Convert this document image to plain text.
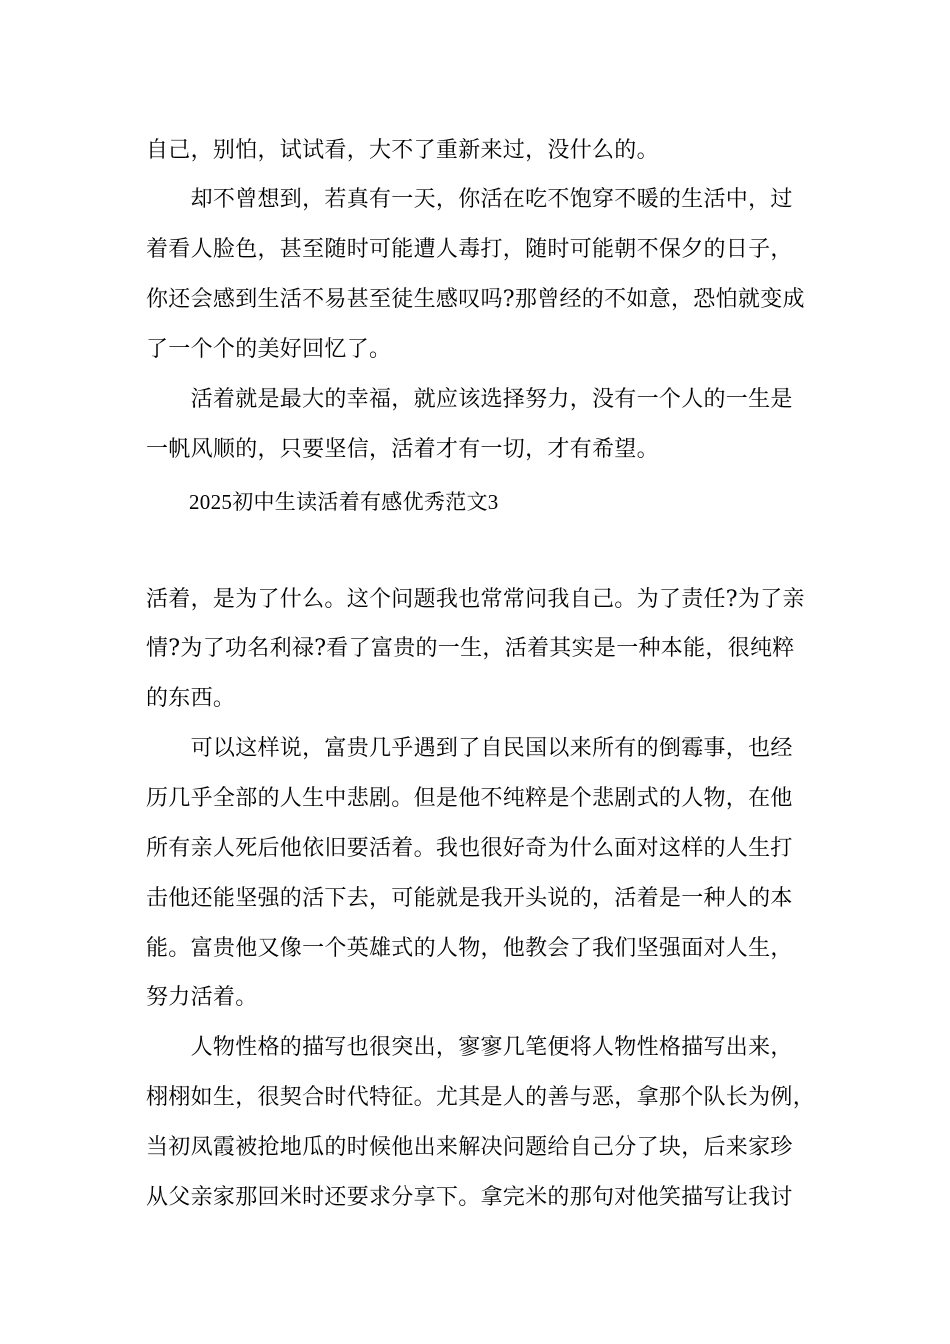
自己，别怕，试试看，大不了重新来过，没什么的。
　　却不曾想到，若真有一天，你活在吃不饱穿不暖的生活中，过
着看人脸色，甚至随时可能遭人毒打，随时可能朝不保夕的日子，
你还会感到生活不易甚至徒生感叹吗?那曾经的不如意，恐怕就变成
了一个个的美好回忆了。
　　活着就是最大的幸福，就应该选择努力，没有一个人的一生是
一帆风顺的，只要坚信，活着才有一切，才有希望。
2025初中生读活着有感优秀范文3
活着，是为了什么。这个问题我也常常问我自己。为了责任?为了亲
情?为了功名利禄?看了富贵的一生，活着其实是一种本能，很纯粹
的东西。
　　可以这样说，富贵几乎遇到了自民国以来所有的倒霉事，也经
历几乎全部的人生中悲剧。但是他不纯粹是个悲剧式的人物，在他
所有亲人死后他依旧要活着。我也很好奇为什么面对这样的人生打
击他还能坚强的活下去，可能就是我开头说的，活着是一种人的本
能。富贵他又像一个英雄式的人物，他教会了我们坚强面对人生，
努力活着。
　　人物性格的描写也很突出，寥寥几笔便将人物性格描写出来，
栩栩如生，很契合时代特征。尤其是人的善与恶，拿那个队长为例，
当初凤霞被抢地瓜的时候他出来解决问题给自己分了块，后来家珍
从父亲家那回米时还要求分享下。拿完米的那句对他笑描写让我讨
